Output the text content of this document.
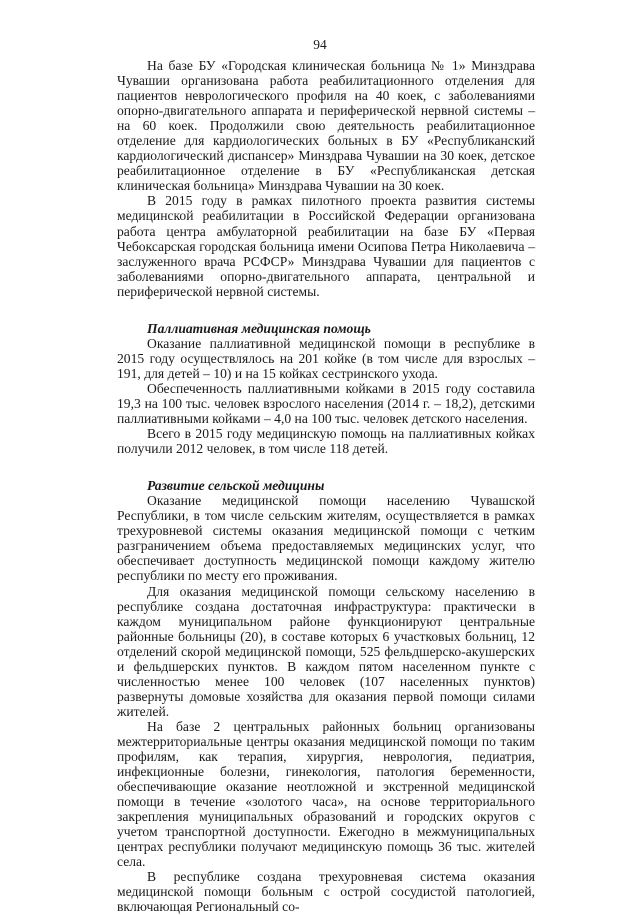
94

На базе БУ «Городская клиническая больница № 1» Минздрава Чувашии организована работа реабилитационного отделения для пациентов неврологического профиля на 40 коек, с заболеваниями опорно-двигательного аппарата и периферической нервной системы – на 60 коек. Продолжили свою деятельность реабилитационное отделение для кардиологических больных в БУ «Республиканский кардиологический диспансер» Минздрава Чувашии на 30 коек, детское реабилитационное отделение в БУ «Республиканская детская клиническая больница» Минздрава Чувашии на 30 коек.

В 2015 году в рамках пилотного проекта развития системы медицинской реабилитации в Российской Федерации организована работа центра амбулаторной реабилитации на базе БУ «Первая Чебоксарская городская больница имени Осипова Петра Николаевича – заслуженного врача РСФСР» Минздрава Чувашии для пациентов с заболеваниями опорно-двигательного аппарата, центральной и периферической нервной системы.

Паллиативная медицинская помощь

Оказание паллиативной медицинской помощи в республике в 2015 году осуществлялось на 201 койке (в том числе для взрослых – 191, для детей – 10) и на 15 койках сестринского ухода.

Обеспеченность паллиативными койками в 2015 году составила 19,3 на 100 тыс. человек взрослого населения (2014 г. – 18,2), детскими паллиативными койками – 4,0 на 100 тыс. человек детского населения.

Всего в 2015 году медицинскую помощь на паллиативных койках получили 2012 человек, в том числе 118 детей.

Развитие сельской медицины

Оказание медицинской помощи населению Чувашской Республики, в том числе сельским жителям, осуществляется в рамках трехуровневой системы оказания медицинской помощи с четким разграничением объема предоставляемых медицинских услуг, что обеспечивает доступность медицинской помощи каждому жителю республики по месту его проживания.

Для оказания медицинской помощи сельскому населению в республике создана достаточная инфраструктура: практически в каждом муниципальном районе функционируют центральные районные больницы (20), в составе которых 6 участковых больниц, 12 отделений скорой медицинской помощи, 525 фельдшерско-акушерских и фельдшерских пунктов. В каждом пятом населенном пункте с численностью менее 100 человек (107 населенных пунктов) развернуты домовые хозяйства для оказания первой помощи силами жителей.

На базе 2 центральных районных больниц организованы межтерриториальные центры оказания медицинской помощи по таким профилям, как терапия, хирургия, неврология, педиатрия, инфекционные болезни, гинекология, патология беременности, обеспечивающие оказание неотложной и экстренной медицинской помощи в течение «золотого часа», на основе территориального закрепления муниципальных образований и городских округов с учетом транспортной доступности. Ежегодно в межмуниципальных центрах республики получают медицинскую помощь 36 тыс. жителей села.

В республике создана трехуровневая система оказания медицинской помощи больным с острой сосудистой патологией, включающая Региональный со-
